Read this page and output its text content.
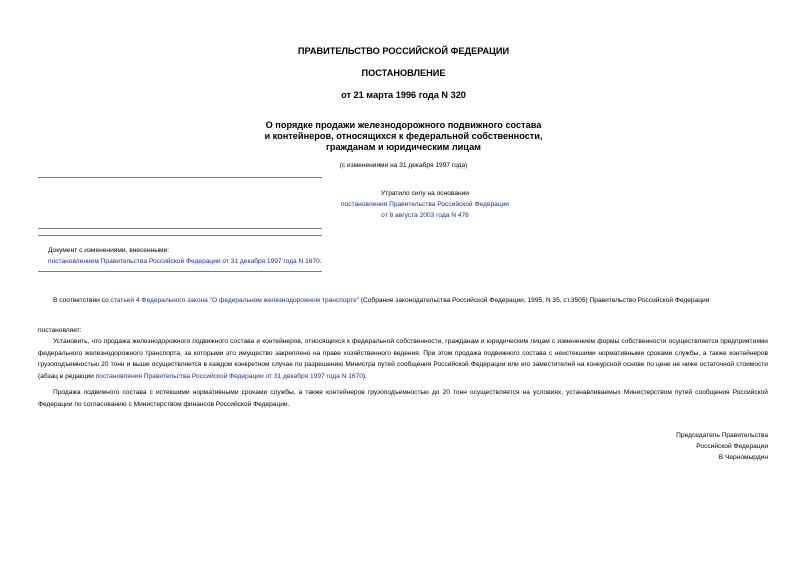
ПРАВИТЕЛЬСТВО РОССИЙСКОЙ ФЕДЕРАЦИИ
ПОСТАНОВЛЕНИЕ
от 21 марта 1996 года N 320
О порядке продажи железнодорожного подвижного состава
и контейнеров, относящихся к федеральной собственности,
гражданам и юридическим лицам
(с изменениями на 31 декабря 1997 года)
Утратило силу на основании
постановления Правительства Российской Федерации
от 8 августа 2003 года N 476
Документ с изменениями, внесенными:
постановлением Правительства Российской Федерации от 31 декабря 1997 года N 1670.
В соответствии со статьей 4 Федерального закона "О федеральном железнодорожном транспорте" (Собрание законодательства Российской Федерации, 1995, N 35, ст.3505) Правительство Российской Федерации
постановляет:
Установить, что продажа железнодорожного подвижного состава и контейнеров, относящихся к федеральной собственности, гражданам и юридическим лицам с изменением формы собственности осуществляется предприятиями федерального железнодорожного транспорта, за которыми это имущество закреплено на праве хозяйственного ведения. При этом продажа подвижного состава с неистекшими нормативными сроками службы, а также контейнеров грузоподъемностью 20 тонн и выше осуществляется в каждом конкретном случае по разрешению Министра путей сообщения Российской Федерации или его заместителей на конкурсной основе по цене не ниже остаточной стоимости (абзац в редакции постановления Правительства Российской Федерации от 31 декабря 1997 года N 1670).
Продажа подвижного состава с истекшими нормативными сроками службы, а также контейнеров грузоподъемностью до 20 тонн осуществляется на условиях, устанавливаемых Министерством путей сообщения Российской Федерации по согласованию с Министерством финансов Российской Федерации.
Председатель Правительства
Российской Федерации
В.Черномырдин
